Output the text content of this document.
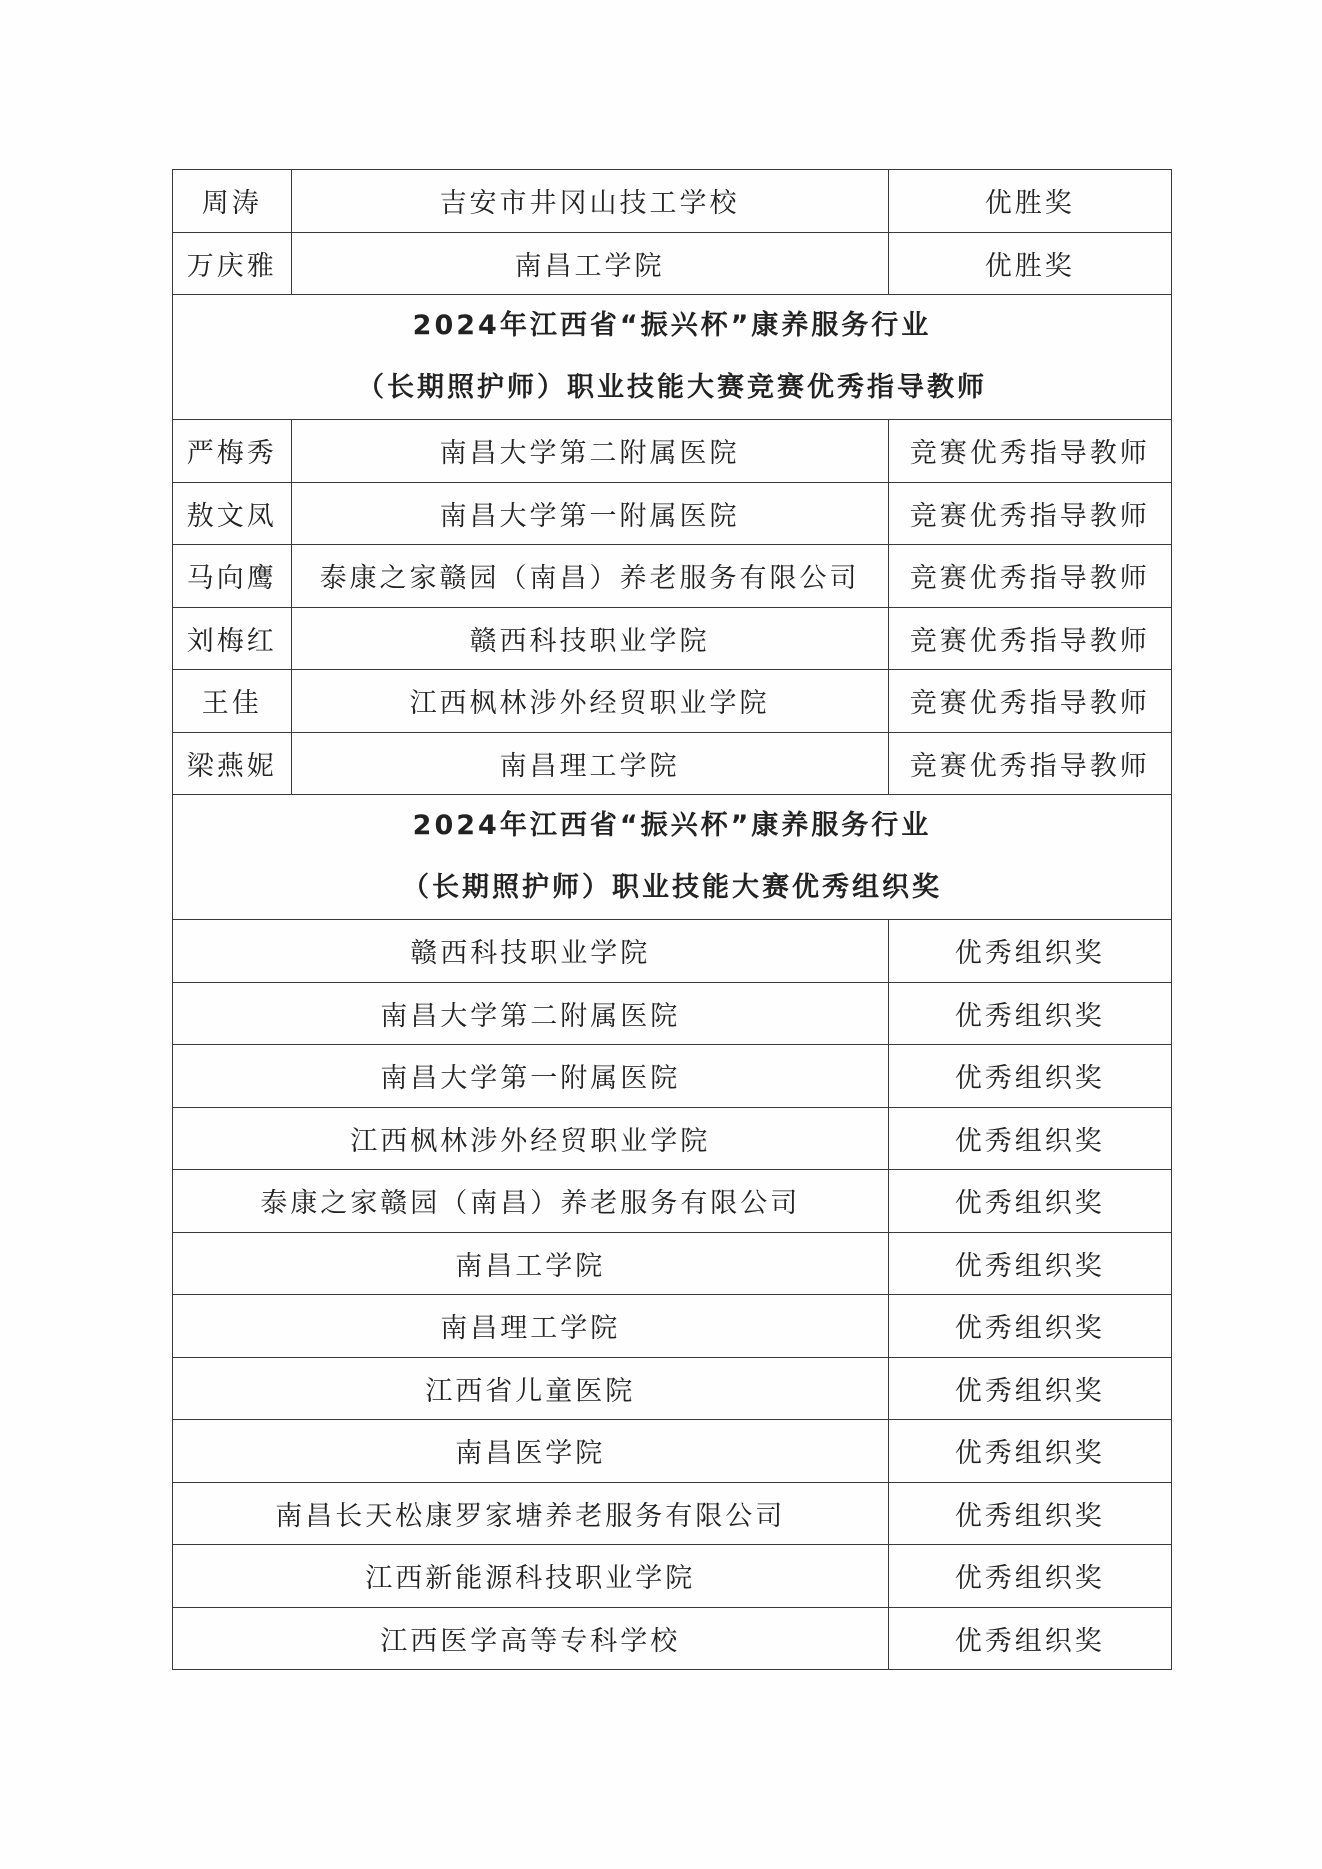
周涛	吉安市井冈山技工学校	优胜奖
万庆雅	南昌工学院	优胜奖

2024年江西省“振兴杯”康养服务行业
（长期照护师）职业技能大赛竞赛优秀指导教师		

严梅秀	南昌大学第二附属医院	竞赛优秀指导教师
敖文凤	南昌大学第一附属医院	竞赛优秀指导教师
马向鹰	泰康之家赣园（南昌）养老服务有限公司	竞赛优秀指导教师
刘梅红	赣西科技职业学院	竞赛优秀指导教师
王佳	江西枫林涉外经贸职业学院	竞赛优秀指导教师
梁燕妮	南昌理工学院	竞赛优秀指导教师

2024年江西省“振兴杯”康养服务行业
（长期照护师）职业技能大赛优秀组织奖		

赣西科技职业学院		优秀组织奖
南昌大学第二附属医院		优秀组织奖
南昌大学第一附属医院		优秀组织奖
江西枫林涉外经贸职业学院		优秀组织奖
泰康之家赣园（南昌）养老服务有限公司		优秀组织奖
南昌工学院		优秀组织奖
南昌理工学院		优秀组织奖
江西省儿童医院		优秀组织奖
南昌医学院		优秀组织奖
南昌长天松康罗家塘养老服务有限公司		优秀组织奖
江西新能源科技职业学院		优秀组织奖
江西医学高等专科学校		优秀组织奖
